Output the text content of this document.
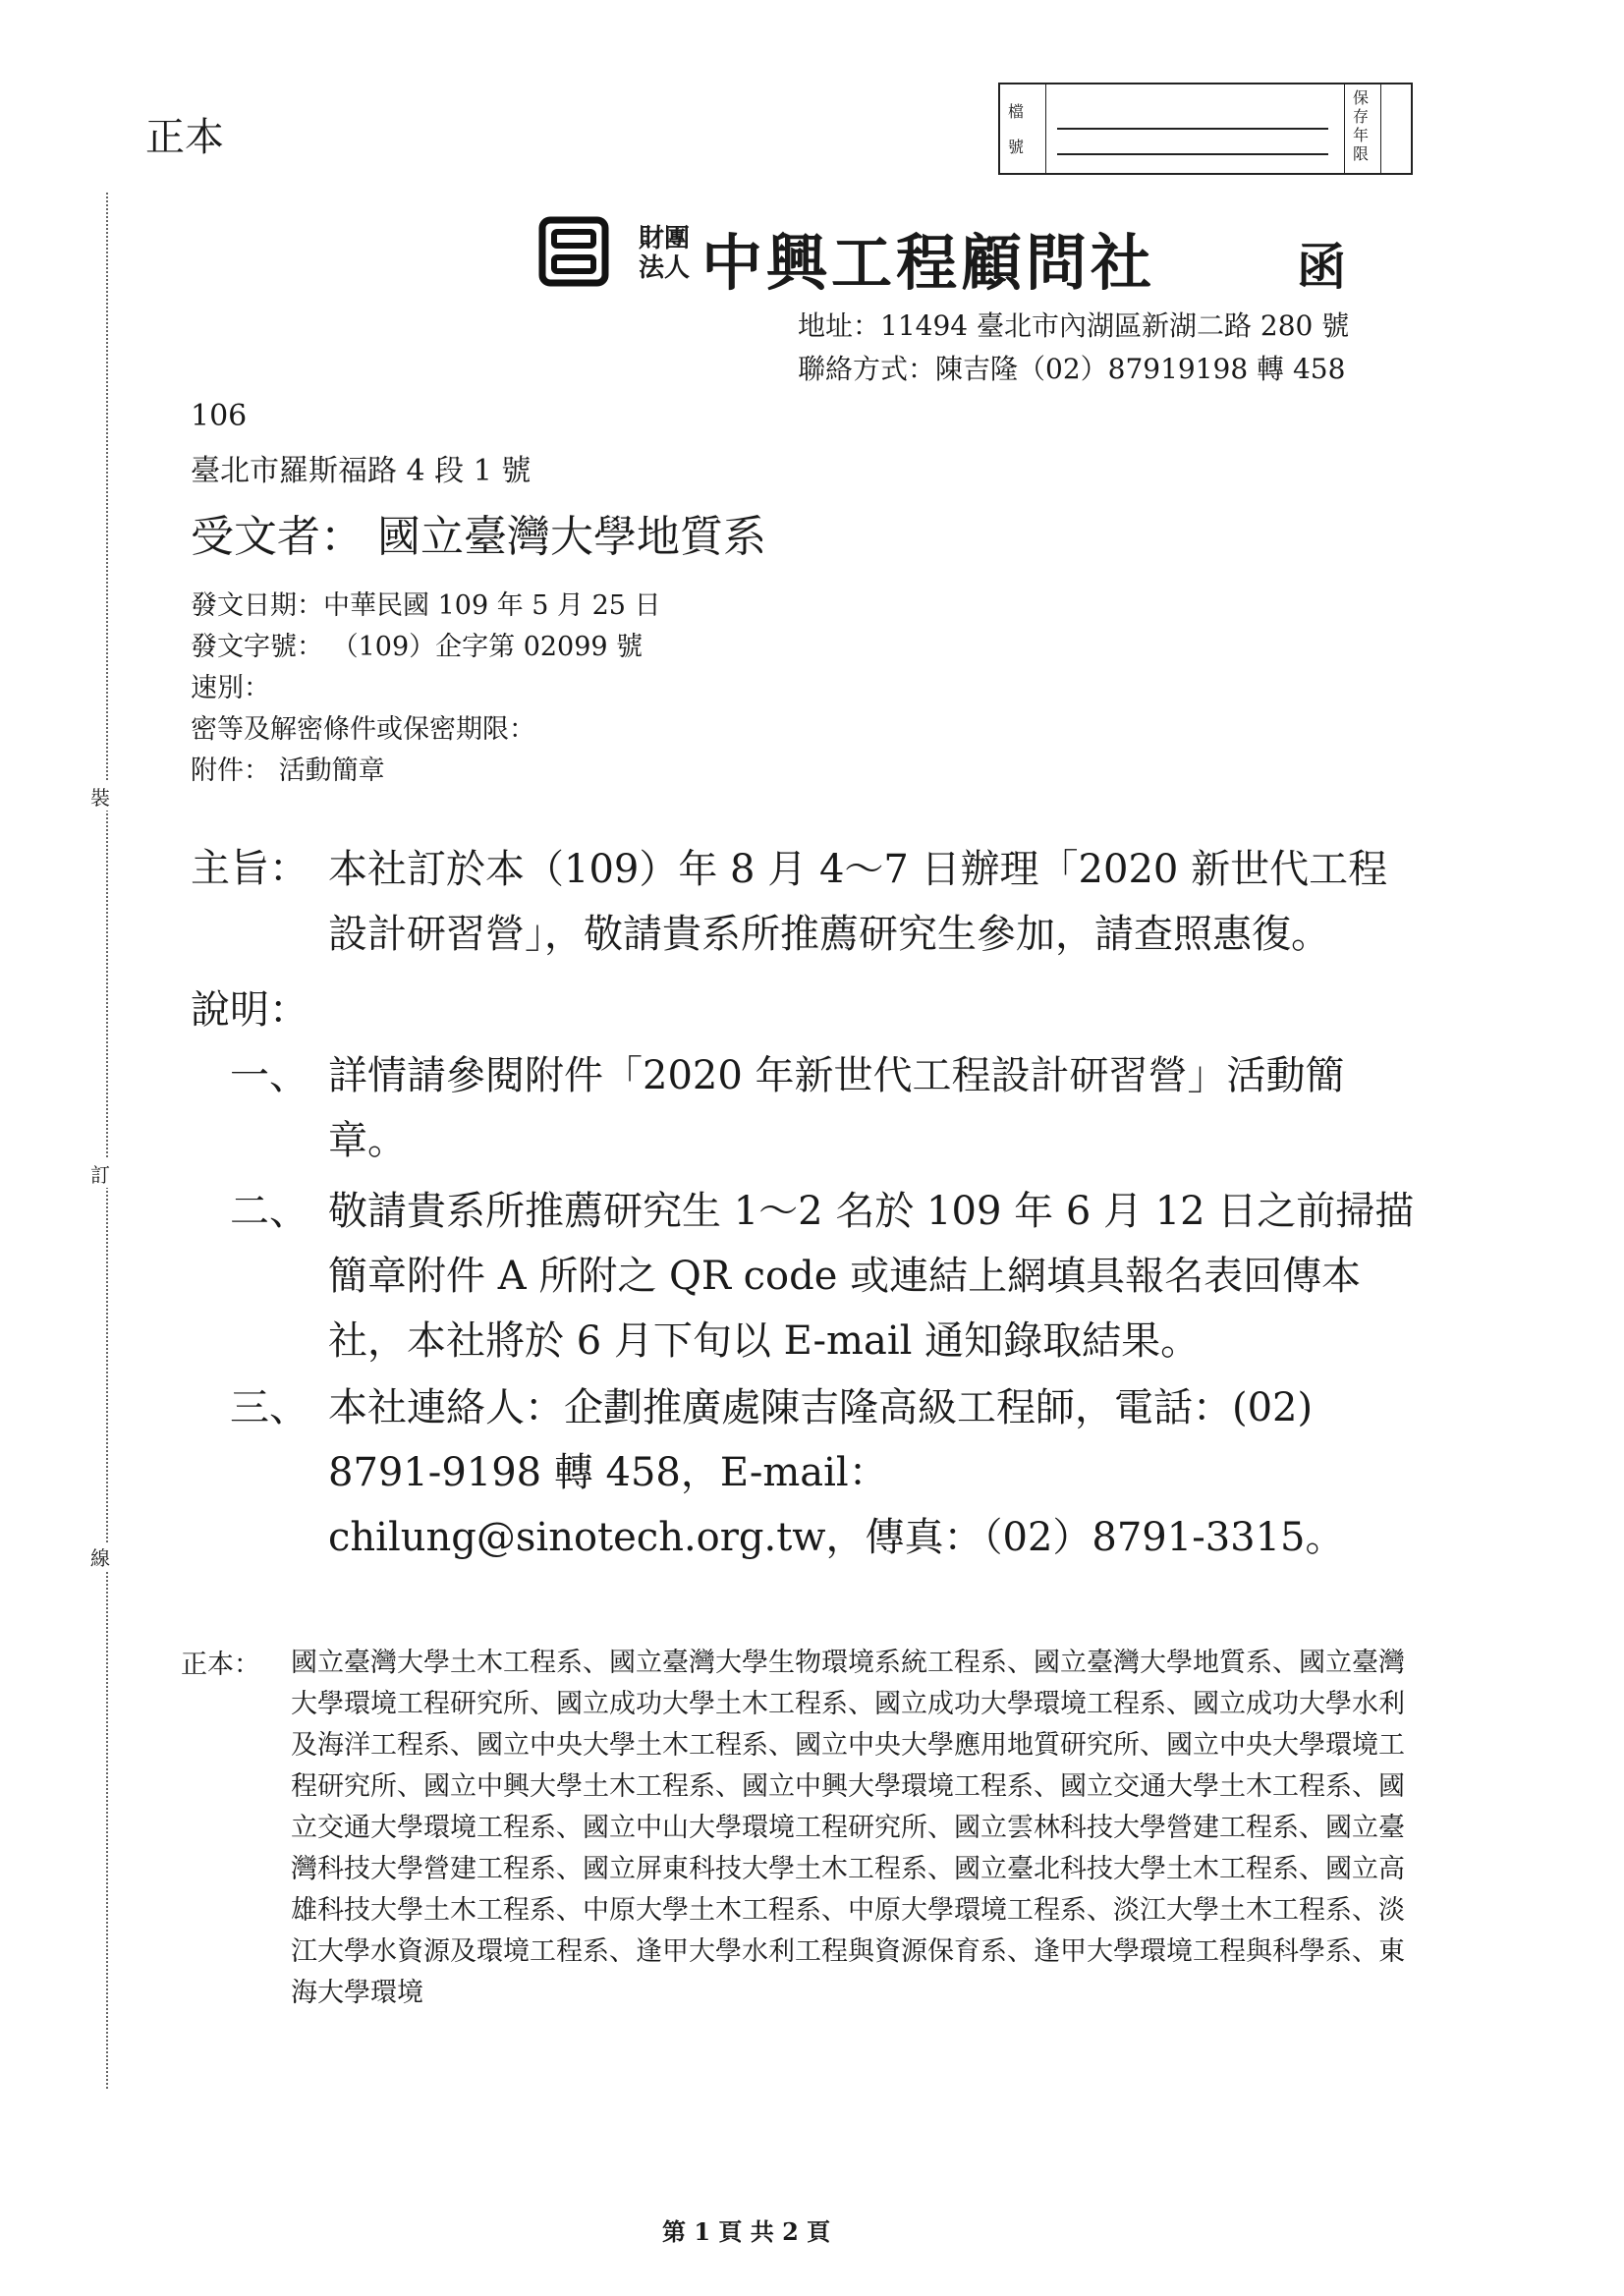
正本
檔號
保存年限
財團
法人 中興工程顧問社	函
地址：11494 臺北市內湖區新湖二路 280 號
聯絡方式：陳吉隆（02）87919198 轉 458
裝
訂
線
106
臺北市羅斯福路 4 段 1 號
受文者： 國立臺灣大學地質系
發文日期：中華民國 109 年 5 月 25 日
發文字號： （109）企字第 02099 號
速別：
密等及解密條件或保密期限：
附件： 活動簡章
主旨： 本社訂於本（109）年 8 月 4～7 日辦理「2020 新世代工程設計研習營」，敬請貴系所推薦研究生參加，請查照惠復。
說明：
一、 詳情請參閱附件「2020 年新世代工程設計研習營」活動簡章。
二、 敬請貴系所推薦研究生 1～2 名於 109 年 6 月 12 日之前掃描簡章附件 A 所附之 QR code 或連結上網填具報名表回傳本社，本社將於 6 月下旬以 E-mail 通知錄取結果。
三、 本社連絡人：企劃推廣處陳吉隆高級工程師，電話：(02) 8791-9198 轉 458，E-mail：chilung@sinotech.org.tw，傳真：（02）8791-3315。
正本： 國立臺灣大學土木工程系、國立臺灣大學生物環境系統工程系、國立臺灣大學地質系、國立臺灣大學環境工程研究所、國立成功大學土木工程系、國立成功大學環境工程系、國立成功大學水利及海洋工程系、國立中央大學土木工程系、國立中央大學應用地質研究所、國立中央大學環境工程研究所、國立中興大學土木工程系、國立中興大學環境工程系、國立交通大學土木工程系、國立交通大學環境工程系、國立中山大學環境工程研究所、國立雲林科技大學營建工程系、國立臺灣科技大學營建工程系、國立屏東科技大學土木工程系、國立臺北科技大學土木工程系、國立高雄科技大學土木工程系、中原大學土木工程系、中原大學環境工程系、淡江大學土木工程系、淡江大學水資源及環境工程系、逢甲大學水利工程與資源保育系、逢甲大學環境工程與科學系、東海大學環境
第 1 頁 共 2 頁
